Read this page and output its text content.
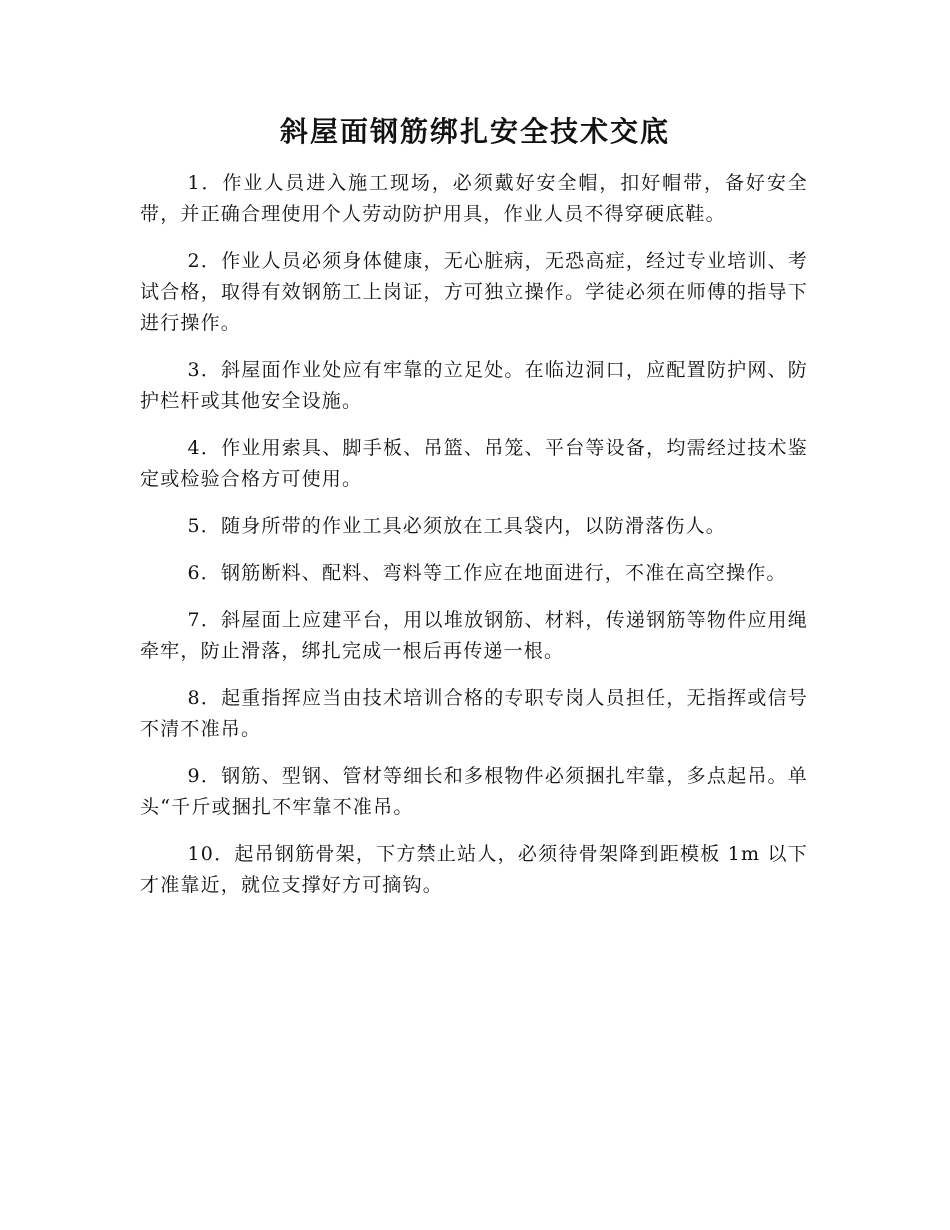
斜屋面钢筋绑扎安全技术交底

1．作业人员进入施工现场，必须戴好安全帽，扣好帽带，备好安全带，并正确合理使用个人劳动防护用具，作业人员不得穿硬底鞋。

2．作业人员必须身体健康，无心脏病，无恐高症，经过专业培训、考试合格，取得有效钢筋工上岗证，方可独立操作。学徒必须在师傅的指导下进行操作。

3．斜屋面作业处应有牢靠的立足处。在临边洞口，应配置防护网、防护栏杆或其他安全设施。

4．作业用索具、脚手板、吊篮、吊笼、平台等设备，均需经过技术鉴定或检验合格方可使用。

5．随身所带的作业工具必须放在工具袋内，以防滑落伤人。

6．钢筋断料、配料、弯料等工作应在地面进行，不准在高空操作。

7．斜屋面上应建平台，用以堆放钢筋、材料，传递钢筋等物件应用绳牵牢，防止滑落，绑扎完成一根后再传递一根。

8．起重指挥应当由技术培训合格的专职专岗人员担任，无指挥或信号不清不准吊。

9．钢筋、型钢、管材等细长和多根物件必须捆扎牢靠，多点起吊。单头“千斤或捆扎不牢靠不准吊。

10．起吊钢筋骨架，下方禁止站人，必须待骨架降到距模板 1m 以下才准靠近，就位支撑好方可摘钩。
